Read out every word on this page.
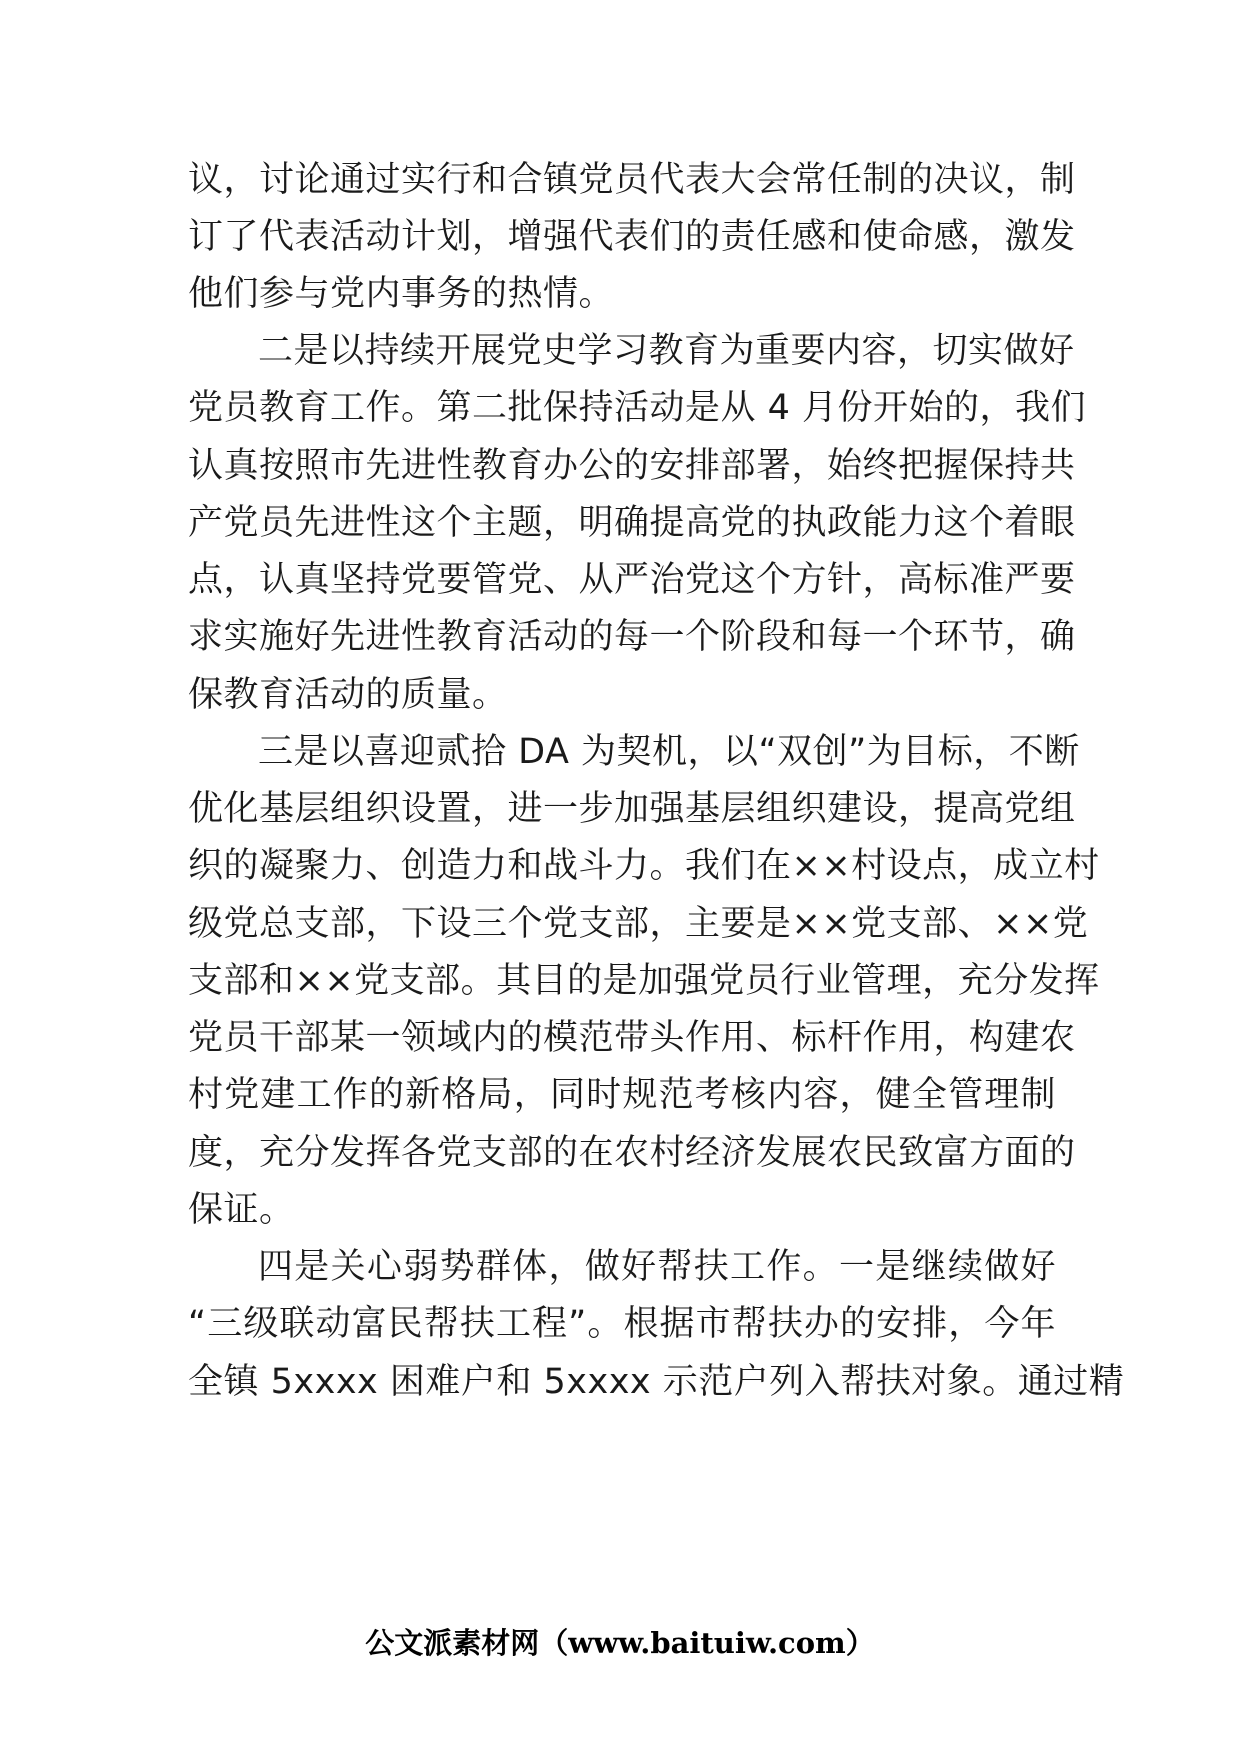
议，讨论通过实行和合镇党员代表大会常任制的决议，制
订了代表活动计划，增强代表们的责任感和使命感，激发
他们参与党内事务的热情。
二是以持续开展党史学习教育为重要内容，切实做好
党员教育工作。第二批保持活动是从 4 月份开始的，我们
认真按照市先进性教育办公的安排部署，始终把握保持共
产党员先进性这个主题，明确提高党的执政能力这个着眼
点，认真坚持党要管党、从严治党这个方针，高标准严要
求实施好先进性教育活动的每一个阶段和每一个环节，确
保教育活动的质量。
三是以喜迎贰拾 DA 为契机，以“双创”为目标，不断
优化基层组织设置，进一步加强基层组织建设，提高党组
织的凝聚力、创造力和战斗力。我们在××村设点，成立村
级党总支部，下设三个党支部，主要是××党支部、××党
支部和××党支部。其目的是加强党员行业管理，充分发挥
党员干部某一领域内的模范带头作用、标杆作用，构建农
村党建工作的新格局，同时规范考核内容，健全管理制
度，充分发挥各党支部的在农村经济发展农民致富方面的
保证。
四是关心弱势群体，做好帮扶工作。一是继续做好
“三级联动富民帮扶工程”。根据市帮扶办的安排，今年
全镇 5xxxx 困难户和 5xxxx 示范户列入帮扶对象。通过精
公文派素材网（www.baituiw.com）
